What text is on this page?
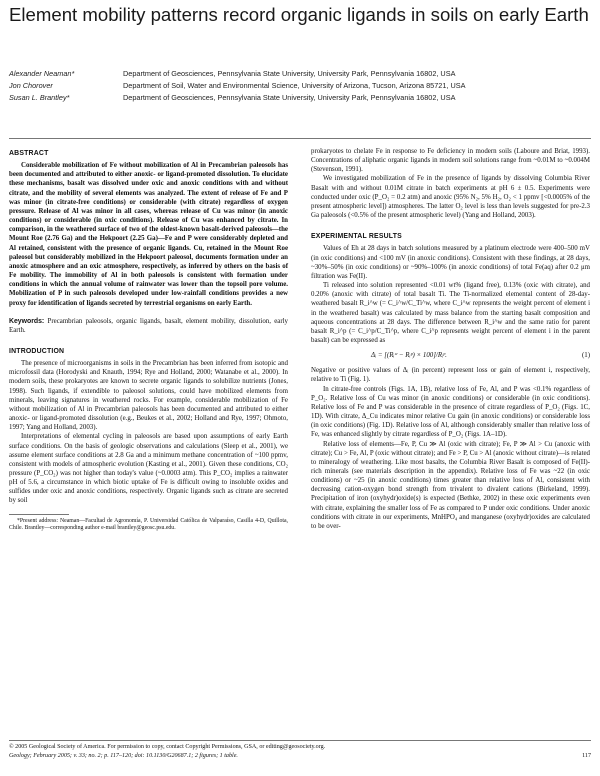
Element mobility patterns record organic ligands in soils on early Earth
Alexander Neaman*	Department of Geosciences, Pennsylvania State University, University Park, Pennsylvania 16802, USA
Jon Chorover	Department of Soil, Water and Environmental Science, University of Arizona, Tucson, Arizona 85721, USA
Susan L. Brantley*	Department of Geosciences, Pennsylvania State University, University Park, Pennsylvania 16802, USA
ABSTRACT

Considerable mobilization of Fe without mobilization of Al in Precambrian paleosols has been documented and attributed to either anoxic- or ligand-promoted dissolution. To elucidate these mechanisms, basalt was dissolved under oxic and anoxic conditions with and without citrate, and the mobility of several elements was analyzed. The extent of release of Fe and P was minor (in citrate-free conditions) or considerable (with citrate) regardless of oxygen pressure. Release of Al was minor in all cases, whereas release of Cu was minor (in anoxic conditions) or considerable (in oxic conditions). Release of Cu was enhanced by citrate. In comparison, in the weathered surface of two of the oldest-known basalt-derived paleosols—the Mount Roe (2.76 Ga) and the Hekpoort (2.25 Ga)—Fe and P were considerably depleted and Al retained, consistent with the presence of organic ligands. Cu, retained in the Mount Roe paleosol but considerably mobilized in the Hekpoort paleosol, documents formation under an anoxic atmosphere and an oxic atmosphere, respectively, as inferred by others on the basis of Fe mobility. The immobility of Al in both paleosols is consistent with formation under conditions in which the annual volume of rainwater was lower than the topsoil pore volume. Mobilization of P in such paleosols developed under low-rainfall conditions provides a new proxy for identification of ligands secreted by terrestrial organisms on early Earth.

Keywords: Precambrian paleosols, organic ligands, basalt, element mobility, dissolution, early Earth.

INTRODUCTION

The presence of microorganisms in soils in the Precambrian has been inferred from isotopic and microfossil data (Horodyski and Knauth, 1994; Rye and Holland, 2000; Watanabe et al., 2000). In modern soils, these prokaryotes are known to secrete organic ligands to solubilize nutrients (Jones, 1998). Such ligands, if extendible to paleosol solutions, could have mobilized elements from minerals, leaving signatures in weathered rocks. For example, considerable mobilization of Fe without mobilization of Al in Precambrian paleosols has been documented and attributed to either anoxic- or ligand-promoted dissolution (e.g., Beukes et al., 2002; Holland and Rye, 1997; Ohmoto, 1997; Yang and Holland, 2003).

Interpretations of elemental cycling in paleosols are based upon assumptions of early Earth surface conditions. On the basis of geologic observations and calculations (Sleep et al., 2001), we assume element surface conditions at 2.8 Ga and a minimum methane concentration of ~100 ppmv, consistent with models of atmospheric evolution (Kasting et al., 2001). Given these conditions, CO₂ pressure (P_CO₂) was not higher than today's value (~0.0003 atm). This P_CO₂ implies a rainwater pH of 5.6, a circumstance in which biotic uptake of Fe is difficult owing to insoluble oxides and sulfides under oxic and anoxic conditions, respectively. Organic ligands such as citrate are secreted by soil

*Present address: Neaman—Facultad de Agronomía, P. Universidad Católica de Valparaíso, Casilla 4-D, Quillota, Chile. Brantley—corresponding author e-mail brantley@geosc.psu.edu.

prokaryotes to chelate Fe in response to Fe deficiency in modern soils (Laboure and Briat, 1993). Concentrations of aliphatic organic ligands in modern soil solutions range from ~0.01M to ~0.004M (Stevenson, 1991).

We investigated mobilization of Fe in the presence of ligands by dissolving Columbia River Basalt with and without 0.01M citrate in batch experiments at pH 6 ± 0.5. Experiments were conducted under oxic (P_O₂ = 0.2 atm) and anoxic (95% N₂, 5% H₂, O₂ < 1 ppmv [<0.0005% of the present atmospheric level]) atmospheres. The latter O₂ level is less than levels suggested for pre-2.3 Ga paleosols (<0.5% of the present atmospheric level) (Yang and Holland, 2003).

EXPERIMENTAL RESULTS

Values of Eh at 28 days in batch solutions measured by a platinum electrode were 400–500 mV (in oxic conditions) and <100 mV (in anoxic conditions). Consistent with these findings, at 28 days, ~30%–50% (in oxic conditions) or ~90%–100% (in anoxic conditions) of total Fe(aq) after 0.2 μm filtration was Fe(II).

Ti released into solution represented <0.01 wt% (ligand free), 0.13% (oxic with citrate), and 0.20% (anoxic with citrate) of total basalt Ti. The Ti-normalized elemental content of 28-day-weathered basalt R_i^w (= C_i^w/C_Ti^w, where C_i^w represents the weight percent of element i in the weathered basalt) was calculated by mass balance from the starting basalt composition and aqueous concentrations at 28 days. The difference between R_i^w and the same ratio for parent basalt R_i^p (= C_i^p/C_Ti^p, where C_i^p represents weight percent of element i in the parent basalt) can be expressed as

Δᵢ = [(Rᵢʷ − Rᵢᵖ) × 100]/Rᵢᵖ.	(1)

Negative or positive values of Δᵢ (in percent) represent loss or gain of element i, respectively, relative to Ti (Fig. 1).

In citrate-free controls (Figs. 1A, 1B), relative loss of Fe, Al, and P was <0.1% regardless of P_O₂. Relative loss of Cu was minor (in anoxic conditions) or considerable (in oxic conditions). Relative loss of Fe and P was considerable in the presence of citrate regardless of P_O₂ (Figs. 1C, 1D). With citrate, Δ_Cu indicates minor relative Cu gain (in anoxic conditions) or considerable loss (in oxic conditions) (Fig. 1D). Relative loss of Al, although considerably smaller than relative loss of Fe, was enhanced slightly by citrate regardless of P_O₂ (Figs. 1A–1D).

Relative loss of elements—Fe, P, Cu ≫ Al (oxic with citrate); Fe, P ≫ Al > Cu (anoxic with citrate); Cu > Fe, Al, P (oxic without citrate); and Fe > P, Cu > Al (anoxic without citrate)—is related to mineralogy of weathering. Like most basalts, the Columbia River Basalt is composed of Fe(II)-rich minerals (see materials description in the appendix). Relative loss of Fe was ~22 (in oxic conditions) or ~25 (in anoxic conditions) times greater than relative loss of Al, consistent with decreasing cation-oxygen bond strength from trivalent to divalent cations (Birkeland, 1999). Precipitation of iron (oxyhydr)oxide(s) is expected (Bethke, 2002) in these oxic experiments even with citrate, explaining the smaller loss of Fe as compared to P under oxic conditions. Under anoxic conditions with citrate in our experiments, MnHPO₄ and manganese (oxyhydr)oxides are calculated to be over-

© 2005 Geological Society of America. For permission to copy, contact Copyright Permissions, GSA, or editing@geosociety.org.
Geology; February 2005; v. 33; no. 2; p. 117–120; doi: 10.1130/G20687.1; 2 figures; 1 table.	117
